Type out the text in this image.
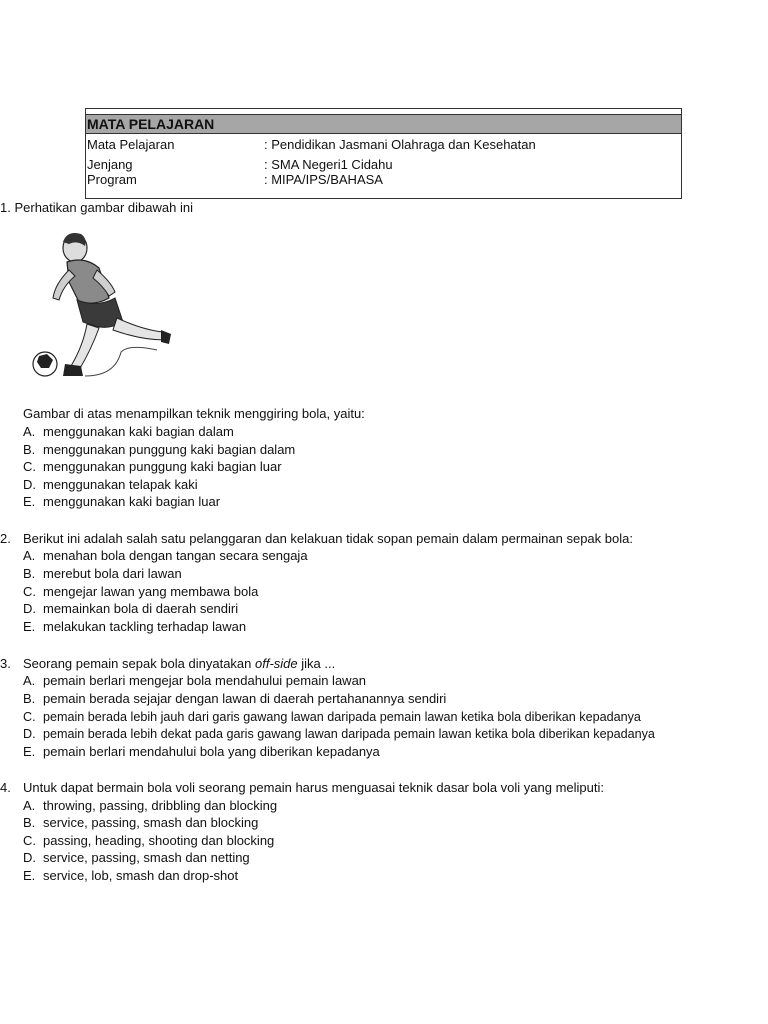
MATA PELAJARAN
Mata Pelajaran	: Pendidikan Jasmani Olahraga dan Kesehatan
Jenjang	: SMA Negeri1 Cidahu
Program	: MIPA/IPS/BAHASA
1. Perhatikan gambar dibawah ini
Gambar di atas menampilkan teknik menggiring bola, yaitu:
A. menggunakan kaki bagian dalam
B. menggunakan punggung kaki bagian dalam
C. menggunakan punggung kaki bagian luar
D. menggunakan telapak kaki
E. menggunakan kaki bagian luar
2. Berikut ini adalah salah satu pelanggaran dan kelakuan tidak sopan pemain dalam permainan sepak bola:
A. menahan bola dengan tangan secara sengaja
B. merebut bola dari lawan
C. mengejar lawan yang membawa bola
D. memainkan bola di daerah sendiri
E. melakukan tackling terhadap lawan
3. Seorang pemain sepak bola dinyatakan off-side jika ...
A. pemain berlari mengejar bola mendahului pemain lawan
B. pemain berada sejajar dengan lawan di daerah pertahanannya sendiri
C. pemain berada lebih jauh dari garis gawang lawan daripada pemain lawan ketika bola diberikan kepadanya
D. pemain berada lebih dekat pada garis gawang lawan daripada pemain lawan ketika bola diberikan kepadanya
E. pemain berlari mendahului bola yang diberikan kepadanya
4. Untuk dapat bermain bola voli seorang pemain harus menguasai teknik dasar bola voli yang meliputi:
A. throwing, passing, dribbling dan blocking
B. service, passing, smash dan blocking
C. passing, heading, shooting dan blocking
D. service, passing, smash dan netting
E. service, lob, smash dan drop-shot
